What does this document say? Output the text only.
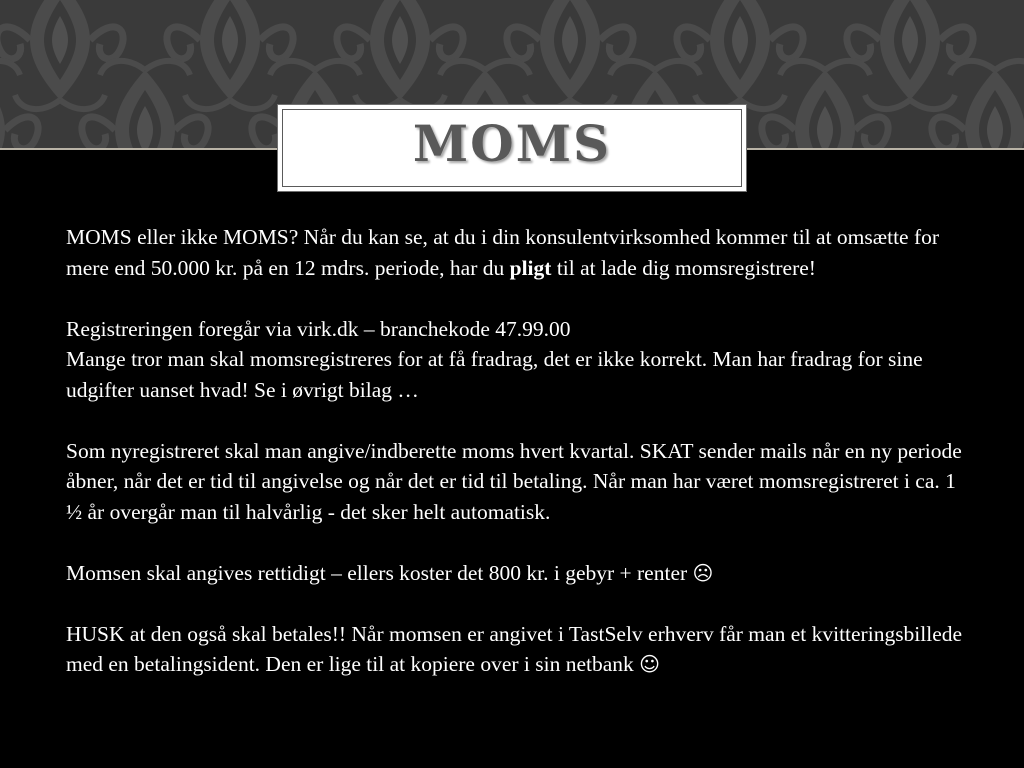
MOMS

MOMS eller ikke MOMS? Når du kan se, at du i din konsulentvirksomhed kommer til at omsætte for mere end 50.000 kr. på en 12 mdrs. periode, har du pligt til at lade dig momsregistrere!

Registreringen foregår via virk.dk – branchekode 47.99.00

Mange tror man skal momsregistreres for at få fradrag, det er ikke korrekt. Man har fradrag for sine udgifter uanset hvad! Se i øvrigt bilag …

Som nyregistreret skal man angive/indberette moms hvert kvartal. SKAT sender mails når en ny periode åbner, når det er tid til angivelse og når det er tid til betaling. Når man har været momsregistreret i ca. 1 ½ år overgår man til halvårlig - det sker helt automatisk.

Momsen skal angives rettidigt – ellers koster det 800 kr. i gebyr + renter ☹

HUSK at den også skal betales!! Når momsen er angivet i TastSelv erhverv får man et kvitteringsbillede med en betalingsident. Den er lige til at kopiere over i sin netbank ☺
